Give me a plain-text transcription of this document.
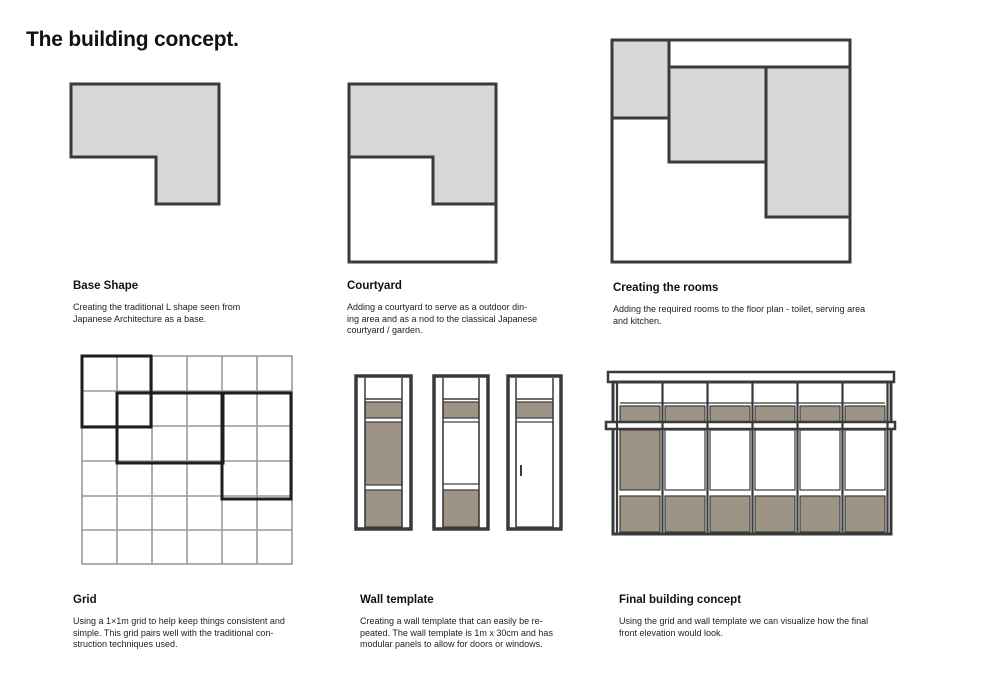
The building concept.
Base Shape

Creating the traditional L shape seen from
Japanese Architecture as a base.

Courtyard

Adding a courtyard to serve as a outdoor din-
ing area and as a nod to the classical Japanese
courtyard / garden.

Creating the rooms

Adding the required rooms to the floor plan - toilet, serving area
and kitchen.

Grid

Using a 1×1m grid to help keep things consistent and
simple. This grid pairs well with the traditional con-
struction techniques used.

Wall template

Creating a wall template that can easily be re-
peated. The wall template is 1m x 30cm and has
modular panels to allow for doors or windows.

Final building concept

Using the grid and wall template we can visualize how the final
front elevation would look.
